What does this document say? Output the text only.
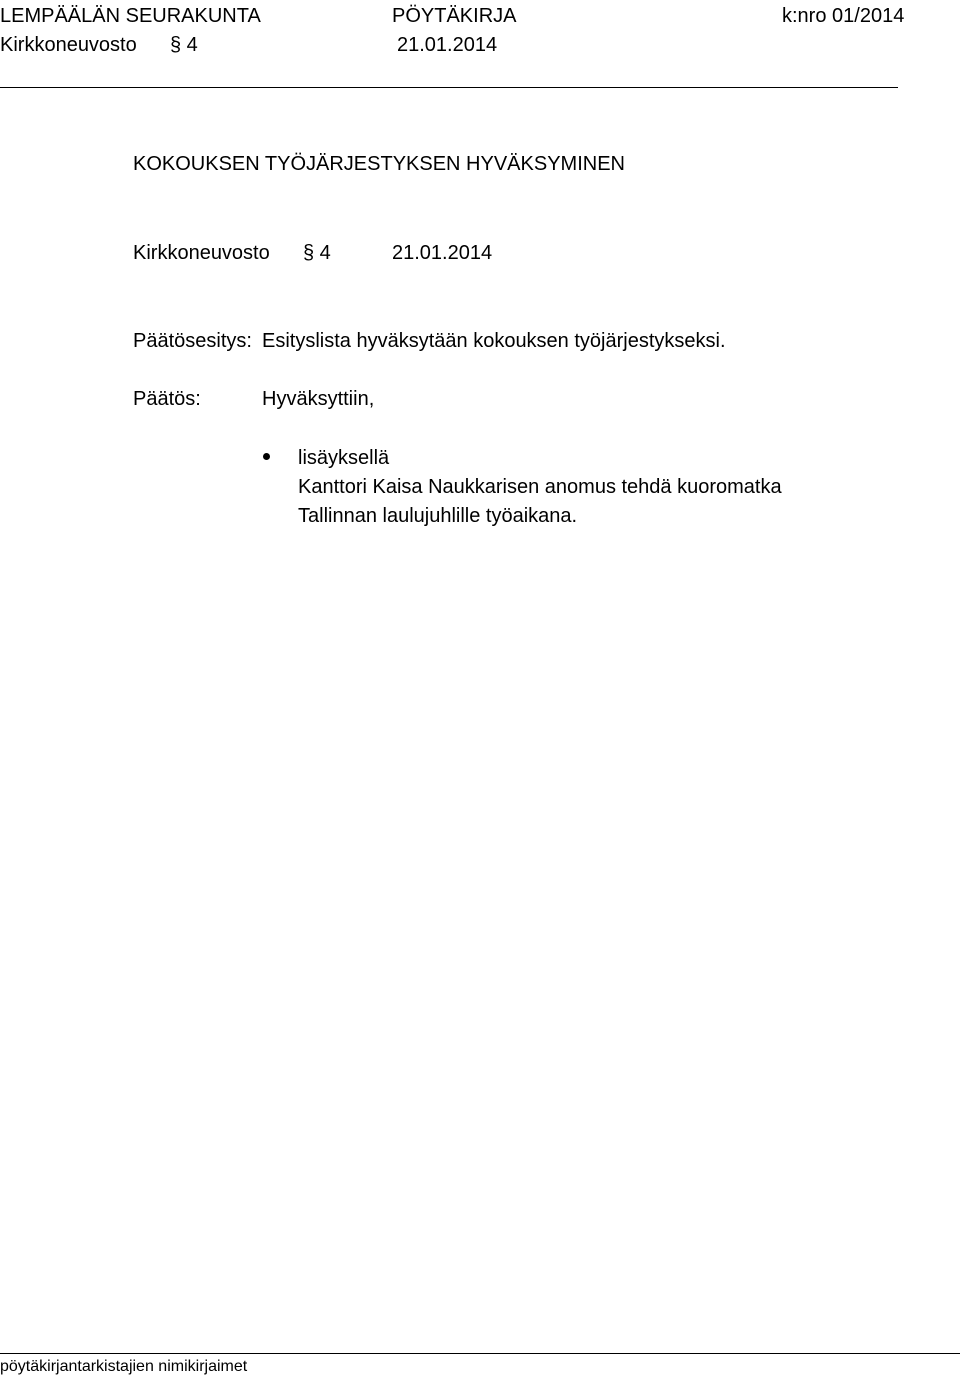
LEMPÄÄLÄN SEURAKUNTA	PÖYTÄKIRJA	k:nro 01/2014
Kirkkoneuvosto § 4	21.01.2014
KOKOUKSEN TYÖJÄRJESTYKSEN HYVÄKSYMINEN
Kirkkoneuvosto § 4	21.01.2014
Päätösesitys: Esityslista hyväksytään kokouksen työjärjestykseksi.
Päätös:	Hyväksyttiin,
lisäyksellä
Kanttori Kaisa Naukkarisen anomus tehdä kuoromatka
Tallinnan laulujuhlille työaikana.
pöytäkirjantarkistajien nimikirjaimet
